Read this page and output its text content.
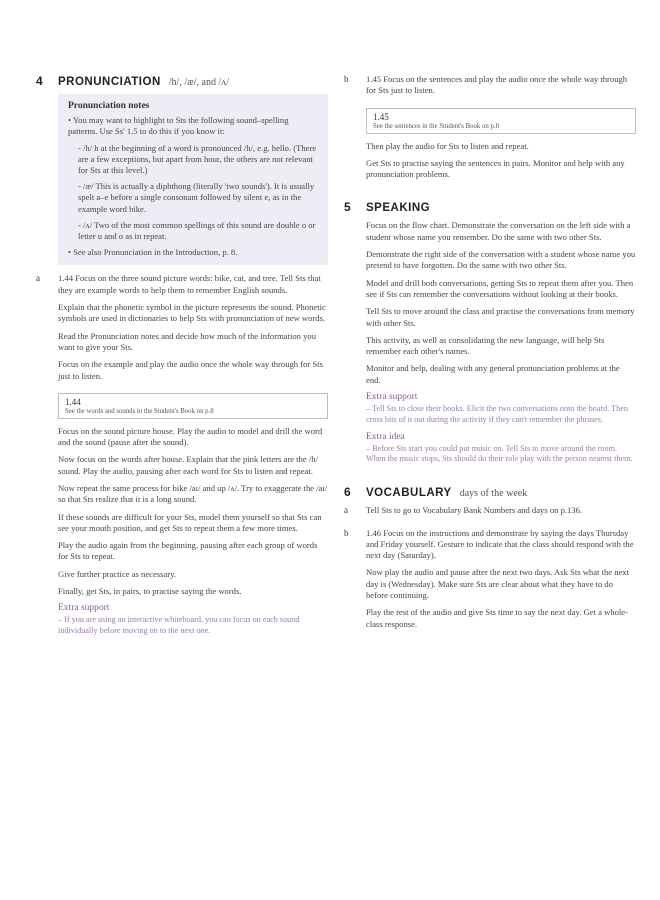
4	PRONUNCIATION /h/, /æ/, and /ʌ/
Pronunciation notes

• You may want to highlight to Sts the following sound–spelling patterns. Use Ss' 1.5 to do this if you know it:

- /h/ h at the beginning of a word is pronounced /h/, e.g. hello. (There are a few exceptions, but apart from hour, the others are not relevant for Sts at this level.)

- /æ/ This is actually a diphthong (literally 'two sounds'). It is usually spelt a–e before a single consonant followed by silent e, as in the example word bike.

- /ʌ/ Two of the most common spellings of this sound are double o or letter u and o as in repeat.

• See also Pronunciation in the Introduction, p. 8.

a	1.44 Focus on the three sound picture words: bike, cat, and tree. Tell Sts that they are example words to help them to remember English sounds.

Explain that the phonetic symbol in the picture represents the sound. Phonetic symbols are used in dictionaries to help Sts with pronunciation of new words.

Read the Pronunciation notes and decide how much of the information you want to give your Sts.

Focus on the example and play the audio once the whole way through for Sts just to listen.

1.44
See the words and sounds in the Student's Book on p.8

Focus on the sound picture house. Play the audio to model and drill the word and the sound (pause after the sound).

Now focus on the words after house. Explain that the pink letters are the /h/ sound. Play the audio, pausing after each word for Sts to listen and repeat.

Now repeat the same process for bike /aɪ/ and up /ʌ/. Try to exaggerate the /aɪ/ so that Sts realize that it is a long sound.

If these sounds are difficult for your Sts, model them yourself so that Sts can see your mouth position, and get Sts to repeat them a few more times.

Play the audio again from the beginning, pausing after each group of words for Sts to repeat.

Give further practice as necessary.

Finally, get Sts, in pairs, to practise saying the words.

Extra support
– If you are using an interactive whiteboard, you can focus on each sound individually before moving on to the next one.
b	1.45 Focus on the sentences and play the audio once the whole way through for Sts just to listen.

1.45
See the sentences in the Student's Book on p.8

Then play the audio for Sts to listen and repeat.

Get Sts to practise saying the sentences in pairs. Monitor and help with any pronunciation problems.

5	SPEAKING

Focus on the flow chart. Demonstrate the conversation on the left side with a student whose name you remember. Do the same with two other Sts.

Demonstrate the right side of the conversation with a student whose name you pretend to have forgotten. Do the same with two other Sts.

Model and drill both conversations, getting Sts to repeat them after you. Then see if Sts can remember the conversations without looking at their books.

Tell Sts to move around the class and practise the conversations from memory with other Sts.

This activity, as well as consolidating the new language, will help Sts remember each other's names.

Monitor and help, dealing with any general pronunciation problems at the end.

Extra support
– Tell Sts to close their books. Elicit the two conversations onto the board. Then cross bits of it out during the activity if they can't remember the phrases.
Extra idea
– Before Sts start you could put music on. Tell Sts to move around the room. When the music stops, Sts should do their role play with the person nearest them.
6	VOCABULARY days of the week
a	Tell Sts to go to Vocabulary Bank Numbers and days on p.136.

b	1.46 Focus on the instructions and demonstrate by saying the days Thursday and Friday yourself. Gesture to indicate that the class should respond with the next day (Saturday).

Now play the audio and pause after the next two days. Ask Sts what the next day is (Wednesday). Make sure Sts are clear about what they have to do before continuing.

Play the rest of the audio and give Sts time to say the next day. Get a whole-class response.
